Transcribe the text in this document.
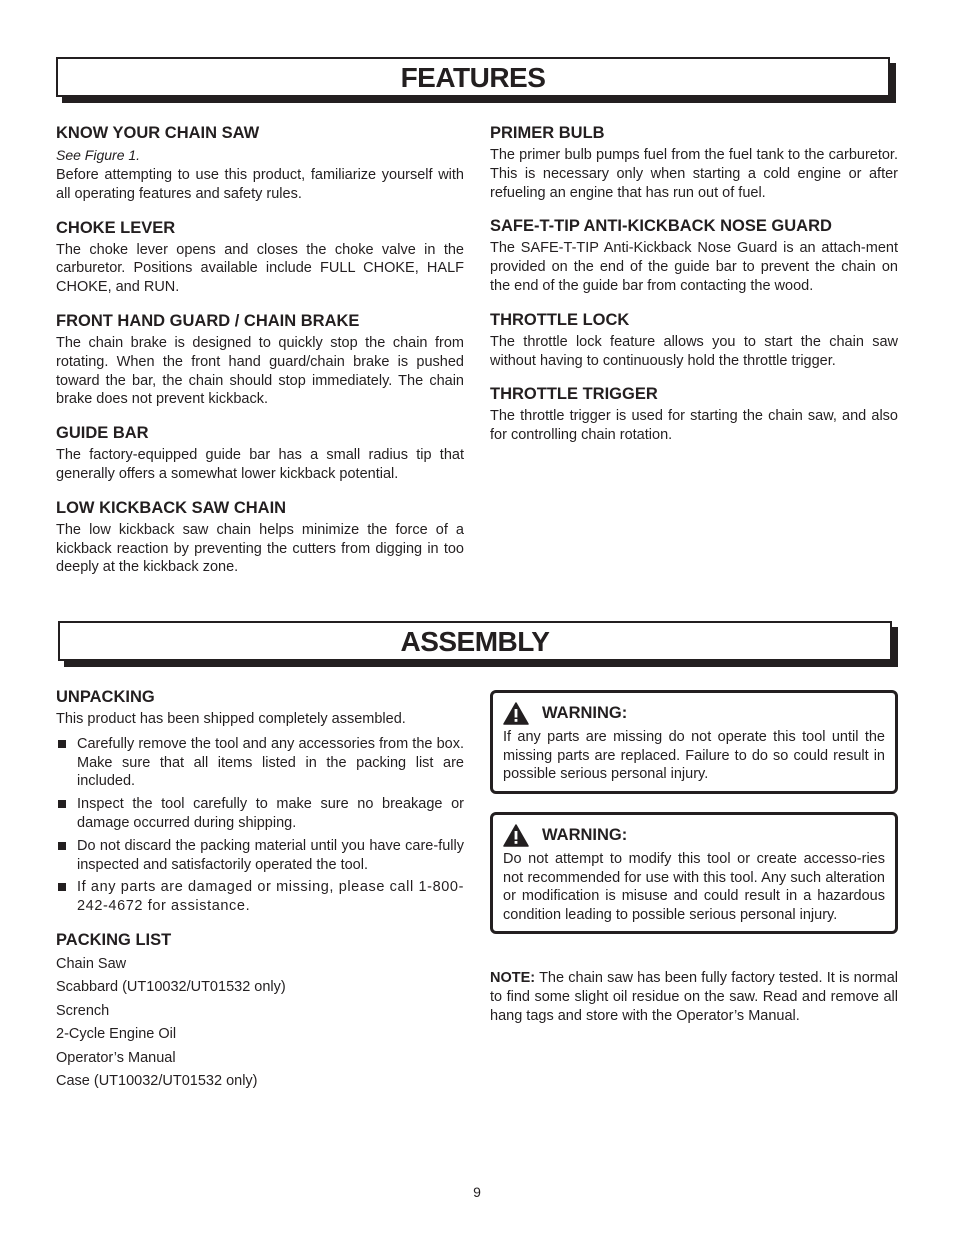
FEATURES
KNOW YOUR CHAIN SAW
See Figure 1.
Before attempting to use this product, familiarize yourself with all operating features and safety rules.
CHOKE LEVER
The choke lever opens and closes the choke valve in the carburetor. Positions available include FULL CHOKE, HALF CHOKE, and RUN.
FRONT HAND GUARD / CHAIN BRAKE
The chain brake is designed to quickly stop the chain from rotating. When the front hand guard/chain brake is pushed toward the bar, the chain should stop immediately. The chain brake does not prevent kickback.
GUIDE BAR
The factory-equipped guide bar has a small radius tip that generally offers a somewhat lower kickback potential.
LOW KICKBACK SAW CHAIN
The low kickback saw chain helps minimize the force of a kickback reaction by preventing the cutters from digging in too deeply at the kickback zone.
PRIMER BULB
The primer bulb pumps fuel from the fuel tank to the carburetor. This is necessary only when starting a cold engine or after refueling an engine that has run out of fuel.
SAFE-T-TIP ANTI-KICKBACK NOSE GUARD
The SAFE-T-TIP Anti-Kickback Nose Guard is an attach-ment provided on the end of the guide bar to prevent the chain on the end of the guide bar from contacting the wood.
THROTTLE LOCK
The throttle lock feature allows you to start the chain saw without having to continuously hold the throttle trigger.
THROTTLE TRIGGER
The throttle trigger is used for starting the chain saw, and also for controlling chain rotation.
ASSEMBLY
UNPACKING
This product has been shipped completely assembled.
Carefully remove the tool and any accessories from the box. Make sure that all items listed in the packing list are included.
Inspect the tool carefully to make sure no breakage or damage occurred during shipping.
Do not discard the packing material until you have care-fully inspected and satisfactorily operated the tool.
If any parts are damaged or missing, please call 1-800-242-4672 for assistance.
PACKING LIST
Chain Saw
Scabbard (UT10032/UT01532 only)
Scrench
2-Cycle Engine Oil
Operator’s Manual
Case (UT10032/UT01532 only)
WARNING:
If any parts are missing do not operate this tool until the missing parts are replaced. Failure to do so could result in possible serious personal injury.
WARNING:
Do not attempt to modify this tool or create accesso-ries not recommended for use with this tool. Any such alteration or modification is misuse and could result in a hazardous condition leading to possible serious personal injury.
NOTE: The chain saw has been fully factory tested. It is normal to find some slight oil residue on the saw. Read and remove all hang tags and store with the Operator’s Manual.
9
